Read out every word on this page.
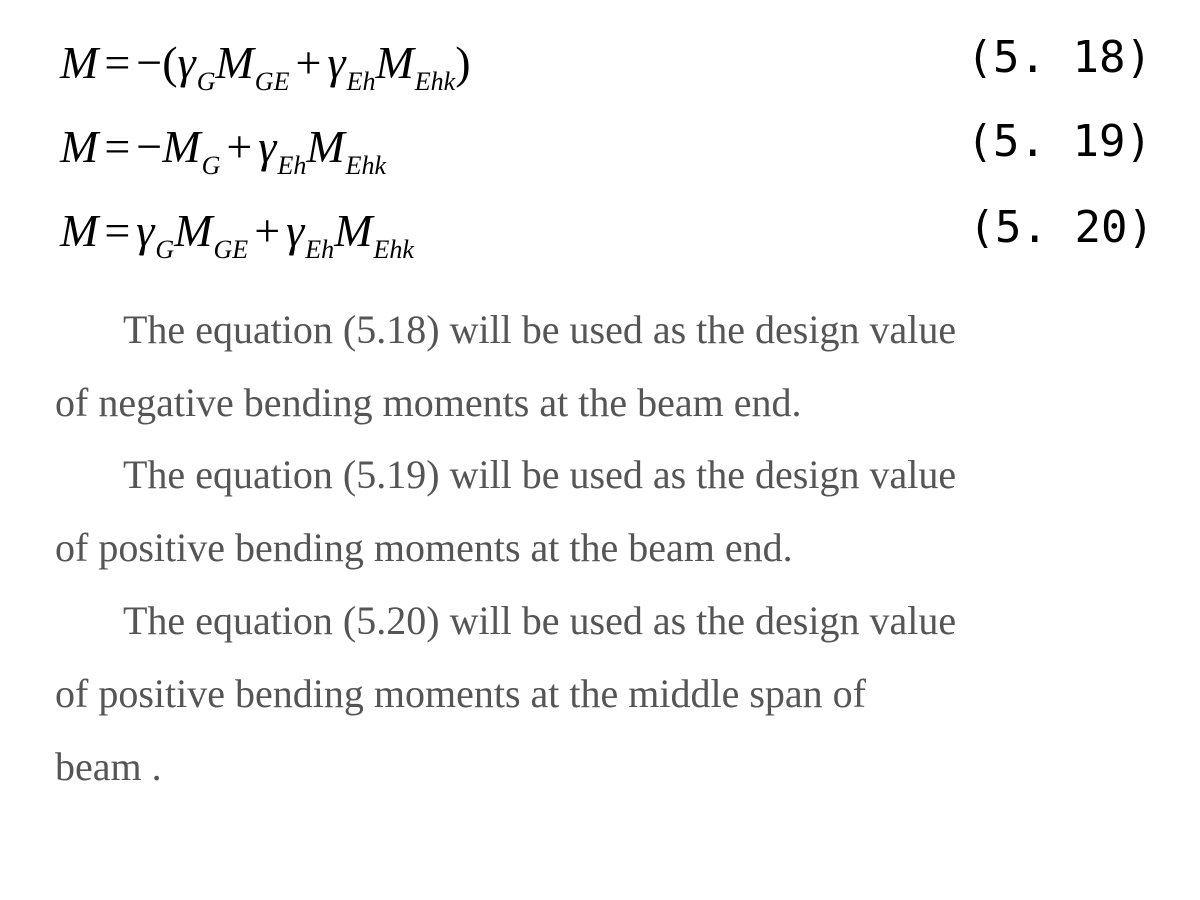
$M = -(\gamma_GM_{GE} + \gamma_{Eh}M_{Ehk})$	(5. 18)
$M = -M_G + \gamma_{Eh}M_{Ehk}$	(5. 19)
$M = \gamma_GM_{GE} + \gamma_{Eh}M_{Ehk}$	(5. 20)
The equation (5.18) will be used as the design value
of negative bending moments at the beam end.
The equation (5.19) will be used as the design value
of positive bending moments at the beam end.
The equation (5.20) will be used as the design value
of positive bending moments at the middle span of
beam .
